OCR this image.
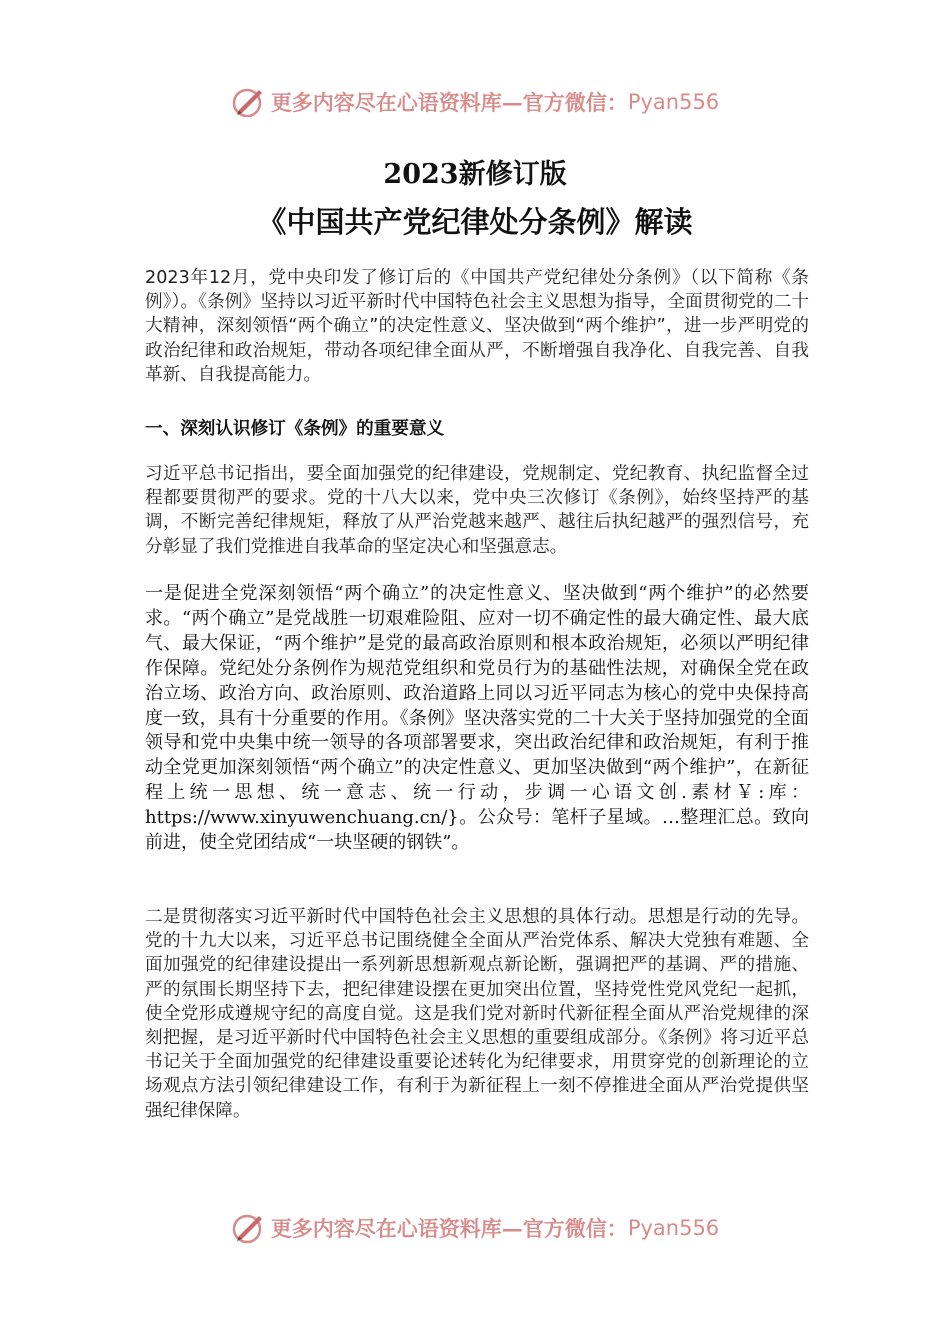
更多内容尽在心语资料库—官方微信： Pyan556
2023新修订版
《中国共产党纪律处分条例》解读

2023年12月，党中央印发了修订后的《中国共产党纪律处分条例》（以下简称《条例》）。《条例》坚持以习近平新时代中国特色社会主义思想为指导，全面贯彻党的二十大精神，深刻领悟“两个确立”的决定性意义、坚决做到“两个维护”，进一步严明党的政治纪律和政治规矩，带动各项纪律全面从严，不断增强自我净化、自我完善、自我革新、自我提高能力。

一、深刻认识修订《条例》的重要意义

习近平总书记指出，要全面加强党的纪律建设，党规制定、党纪教育、执纪监督全过程都要贯彻严的要求。党的十八大以来，党中央三次修订《条例》，始终坚持严的基调，不断完善纪律规矩，释放了从严治党越来越严、越往后执纪越严的强烈信号，充分彰显了我们党推进自我革命的坚定决心和坚强意志。

一是促进全党深刻领悟“两个确立”的决定性意义、坚决做到“两个维护”的必然要求。“两个确立”是党战胜一切艰难险阻、应对一切不确定性的最大确定性、最大底气、最大保证，“两个维护”是党的最高政治原则和根本政治规矩，必须以严明纪律作保障。党纪处分条例作为规范党组织和党员行为的基础性法规，对确保全党在政治立场、政治方向、政治原则、政治道路上同以习近平同志为核心的党中央保持高度一致，具有十分重要的作用。《条例》坚决落实党的二十大关于坚持加强党的全面领导和党中央集中统一领导的各项部署要求，突出政治纪律和政治规矩，有利于推动全党更加深刻领悟“两个确立”的决定性意义、更加坚决做到“两个维护”，在新征程上统一思想、统一意志、统一行动，步调一心语文创.素材￥:库：https://www.xinyuwenchuang.cn/}。公众号：笔杆子星域。…整理汇总。致向前进，使全党团结成“一块坚硬的钢铁”。

二是贯彻落实习近平新时代中国特色社会主义思想的具体行动。思想是行动的先导。党的十九大以来，习近平总书记围绕健全全面从严治党体系、解决大党独有难题、全面加强党的纪律建设提出一系列新思想新观点新论断，强调把严的基调、严的措施、严的氛围长期坚持下去，把纪律建设摆在更加突出位置，坚持党性党风党纪一起抓，使全党形成遵规守纪的高度自觉。这是我们党对新时代新征程全面从严治党规律的深刻把握，是习近平新时代中国特色社会主义思想的重要组成部分。《条例》将习近平总书记关于全面加强党的纪律建设重要论述转化为纪律要求，用贯穿党的创新理论的立场观点方法引领纪律建设工作，有利于为新征程上一刻不停推进全面从严治党提供坚强纪律保障。

更多内容尽在心语资料库—官方微信： Pyan556
